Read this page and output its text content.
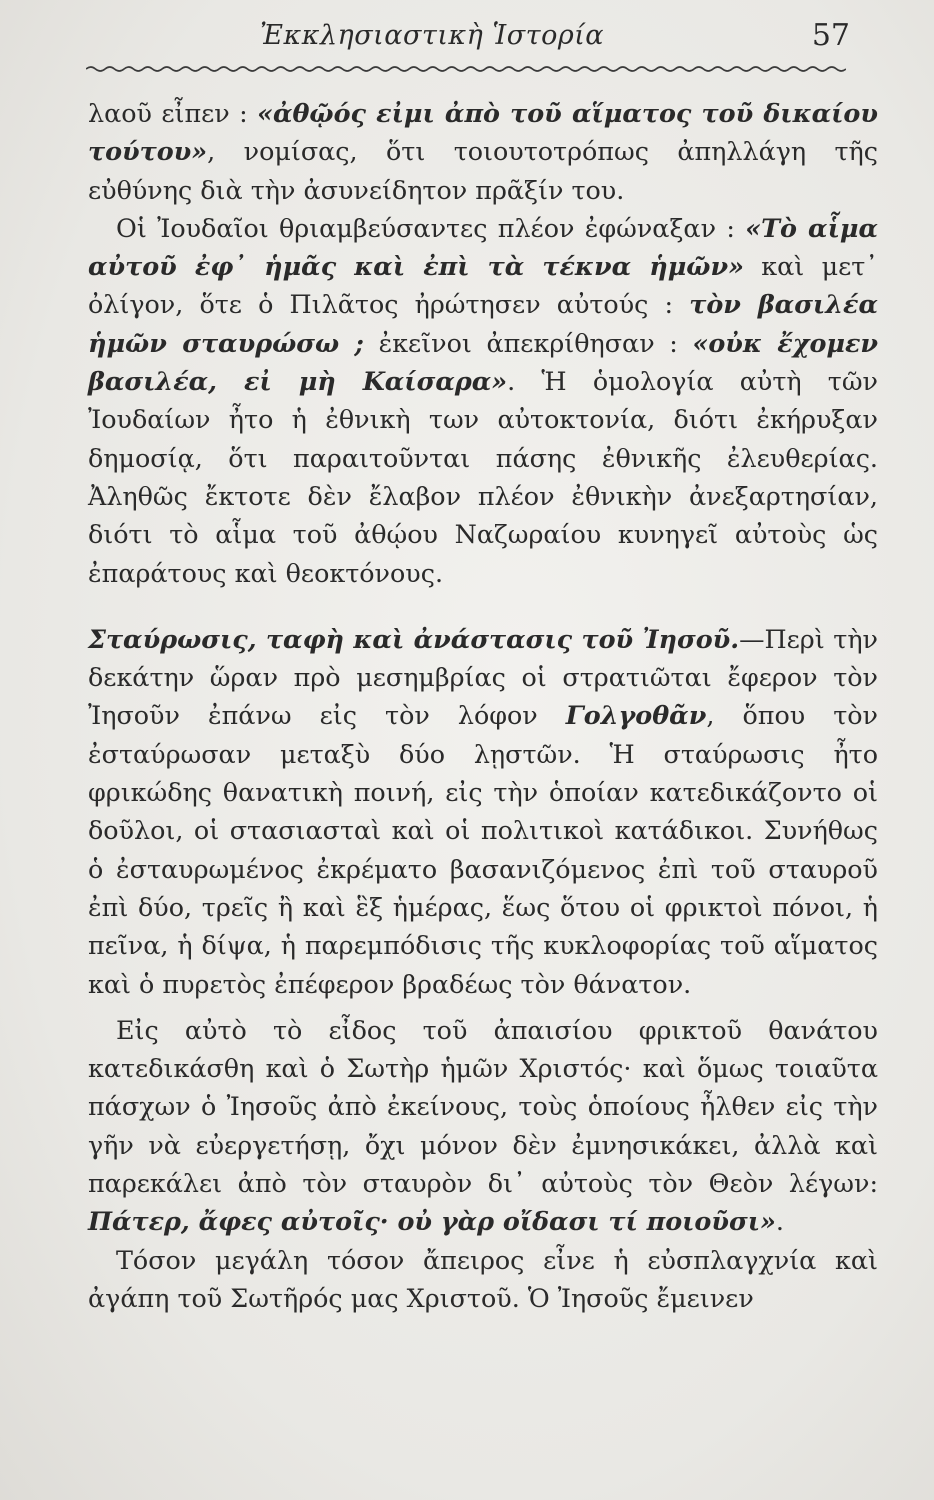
Ἐκκλησιαστικὴ Ἱστορία	57

λαοῦ εἶπεν : «ἀθῷός εἰμι ἀπὸ τοῦ αἵματος τοῦ δικαίου τούτου», νομίσας, ὅτι τοιουτοτρόπως ἀπηλλάγη τῆς εὐθύνης διὰ τὴν ἀσυνείδητον πρᾶξίν του.

Οἱ Ἰουδαῖοι θριαμβεύσαντες πλέον ἐφώναξαν : «Τὸ αἷμα αὐτοῦ ἐφ᾽ ἡμᾶς καὶ ἐπὶ τὰ τέκνα ἡμῶν» καὶ μετ᾽ ὀλίγον, ὅτε ὁ Πιλᾶτος ἠρώτησεν αὐτούς : τὸν βασιλέα ἡμῶν σταυρώσω ; ἐκεῖνοι ἀπεκρίθησαν : «οὐκ ἔχομεν βασιλέα, εἰ μὴ Καίσαρα». Ἡ ὁμολογία αὐτὴ τῶν Ἰουδαίων ἦτο ἡ ἐθνικὴ των αὐτοκτονία, διότι ἐκήρυξαν δημοσίᾳ, ὅτι παραιτοῦνται πάσης ἐθνικῆς ἐλευθερίας. Ἀληθῶς ἔκτοτε δὲν ἔλαβον πλέον ἐθνικὴν ἀνεξαρτησίαν, διότι τὸ αἷμα τοῦ ἀθῴου Ναζωραίου κυνηγεῖ αὐτοὺς ὡς ἐπαράτους καὶ θεοκτόνους.

Σταύρωσις, ταφὴ καὶ ἀνάστασις τοῦ Ἰησοῦ.—Περὶ τὴν δεκάτην ὥραν πρὸ μεσημβρίας οἱ στρατιῶται ἔφερον τὸν Ἰησοῦν ἐπάνω εἰς τὸν λόφον Γολγοθᾶν, ὅπου τὸν ἐσταύρωσαν μεταξὺ δύο λῃστῶν. Ἡ σταύρωσις ἦτο φρικώδης θανατικὴ ποινή, εἰς τὴν ὁποίαν κατεδικάζοντο οἱ δοῦλοι, οἱ στασιασταὶ καὶ οἱ πολιτικοὶ κατάδικοι. Συνήθως ὁ ἐσταυρωμένος ἐκρέματο βασανιζόμενος ἐπὶ τοῦ σταυροῦ ἐπὶ δύο, τρεῖς ἢ καὶ ἓξ ἡμέρας, ἕως ὅτου οἱ φρικτοὶ πόνοι, ἡ πεῖνα, ἡ δίψα, ἡ παρεμπόδισις τῆς κυκλοφορίας τοῦ αἵματος καὶ ὁ πυρετὸς ἐπέφερον βραδέως τὸν θάνατον.

Εἰς αὐτὸ τὸ εἶδος τοῦ ἀπαισίου φρικτοῦ θανάτου κατεδικάσθη καὶ ὁ Σωτὴρ ἡμῶν Χριστός· καὶ ὅμως τοιαῦτα πάσχων ὁ Ἰησοῦς ἀπὸ ἐκείνους, τοὺς ὁποίους ἦλθεν εἰς τὴν γῆν νὰ εὐεργετήσῃ, ὄχι μόνον δὲν ἐμνησικάκει, ἀλλὰ καὶ παρεκάλει ἀπὸ τὸν σταυρὸν δι᾽ αὐτοὺς τὸν Θεὸν λέγων: Πάτερ, ἄφες αὐτοῖς· οὐ γὰρ οἴδασι τί ποιοῦσι».

Τόσον μεγάλη τόσον ἄπειρος εἶνε ἡ εὐσπλαγχνία καὶ ἀγάπη τοῦ Σωτῆρός μας Χριστοῦ. Ὁ Ἰησοῦς ἔμεινεν
